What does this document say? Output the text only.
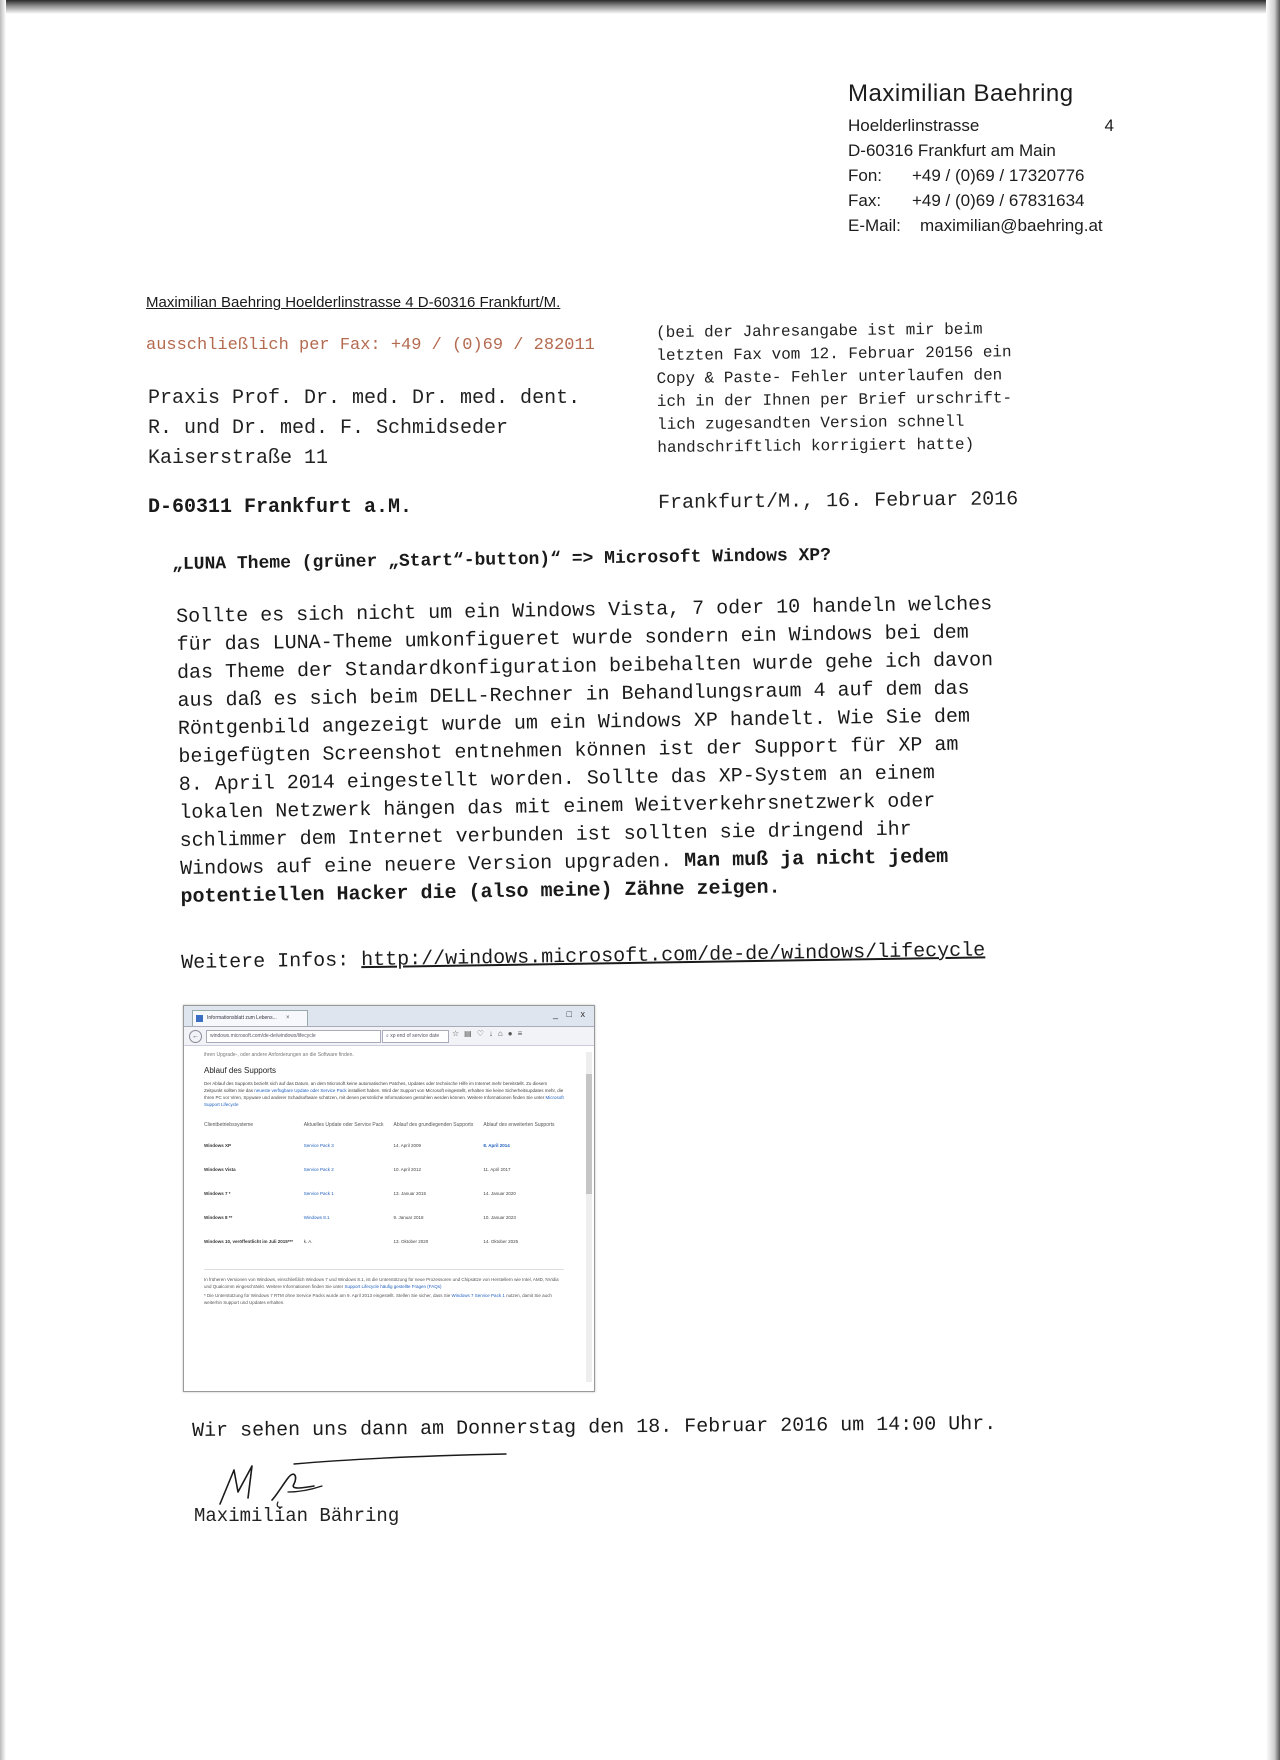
Maximilian Baehring
Hoelderlinstrasse	4
D-60316 Frankfurt am Main
Fon:	+49 / (0)69 / 17320776
Fax:	+49 / (0)69 / 67831634
E-Mail:	maximilian@baehring.at
Maximilian Baehring Hoelderlinstrasse 4 D-60316 Frankfurt/M.
ausschließlich per Fax: +49 / (0)69 / 282011
Praxis Prof. Dr. med. Dr. med. dent.
R. und Dr. med. F. Schmidseder
Kaiserstraße 11
D-60311 Frankfurt a.M.
(bei der Jahresangabe ist mir beim
letzten Fax vom 12. Februar 20156 ein
Copy & Paste- Fehler unterlaufen den
ich in der Ihnen per Brief urschrift-
lich zugesandten Version schnell
handschriftlich korrigiert hatte)
Frankfurt/M., 16. Februar 2016
„LUNA Theme (grüner „Start“-button)“ => Microsoft Windows XP?
Sollte es sich nicht um ein Windows Vista, 7 oder 10 handeln welches
für das LUNA-Theme umkonfigueret wurde sondern ein Windows bei dem
das Theme der Standardkonfiguration beibehalten wurde gehe ich davon
aus daß es sich beim DELL-Rechner in Behandlungsraum 4 auf dem das
Röntgenbild angezeigt wurde um ein Windows XP handelt. Wie Sie dem
beigefügten Screenshot entnehmen können ist der Support für XP am
8. April 2014 eingestellt worden. Sollte das XP-System an einem
lokalen Netzwerk hängen das mit einem Weitverkehrsnetzwerk oder
schlimmer dem Internet verbunden ist sollten sie dringend ihr
Windows auf eine neuere Version upgraden. Man muß ja nicht jedem
potentiellen Hacker die (also meine) Zähne zeigen.
Weitere Infos: http://windows.microsoft.com/de-de/windows/lifecycle
Informationsblatt zum Lebens... ×	_ □ x
←	windows.microsoft.com/de-de/windows/lifecycle	⌕ xp end of service date	☆▤♡↓⌂●≡
ihren Upgrade-, oder andere Anforderungen an die Software finden.
Ablauf des Supports
Der Ablauf des Supports bezieht sich auf das Datum, an dem Microsoft keine automatischen Patches, Updates oder technische Hilfe im Internet mehr bereitstellt. Zu diesem Zeitpunkt sollten Sie das neueste verfügbare Update oder Service Pack installiert haben. Wird der Support von Microsoft eingestellt, erhalten Sie keine Sicherheitsupdates mehr, die Ihren PC vor Viren, Spyware und anderer Schadsoftware schützen, mit denen persönliche Informationen gestohlen werden können. Weitere Informationen finden Sie unter Microsoft Support Lifecycle
Clientbetriebssysteme	Aktuelles Update oder Service Pack	Ablauf des grundlegenden Supports	Ablauf des erweiterten Supports
Windows XP	Service Pack 3	14. April 2009	8. April 2014
Windows Vista	Service Pack 2	10. April 2012	11. April 2017
Windows 7 *	Service Pack 1	13. Januar 2015	14. Januar 2020
Windows 8 **	Windows 8.1	9. Januar 2018	10. Januar 2023
Windows 10, veröffentlicht im Juli 2015***	k. A.	13. Oktober 2020	14. Oktober 2025
In früheren Versionen von Windows, einschließlich Windows 7 und Windows 8.1, ist die Unterstützung für neue Prozessoren und Chipsätze von Herstellern wie Intel, AMD, NVidia und Qualcomm eingeschränkt. Weitere Informationen finden Sie unter Support Lifecycle häufig gestellte Fragen (FAQs)
* Die Unterstützung für Windows 7 RTM ohne Service Packs wurde am 9. April 2013 eingestellt. Stellen Sie sicher, dass Sie Windows 7 Service Pack 1 nutzen, damit Sie auch weiterhin Support und Updates erhalten.
Wir sehen uns dann am Donnerstag den 18. Februar 2016 um 14:00 Uhr.
Maximilian Bähring
